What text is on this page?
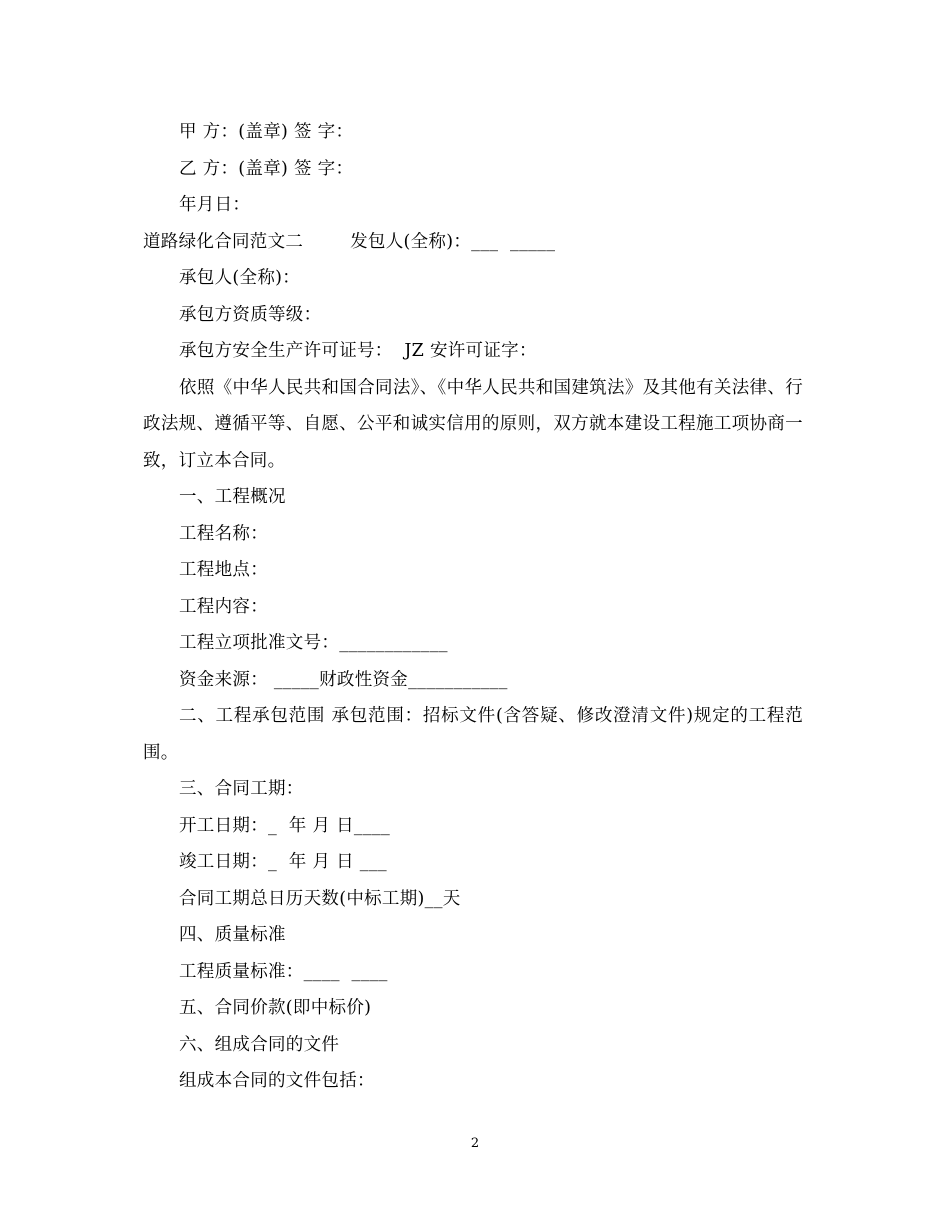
甲 方：(盖章) 签 字：
乙 方：(盖章) 签 字：
年月日：
道路绿化合同范文二        发包人(全称)：___  _____
承包人(全称)：
承包方资质等级：
承包方安全生产许可证号：  JZ 安许可证字：
依照《中华人民共和国合同法》、《中华人民共和国建筑法》及其他有关法律、行政法规、遵循平等、自愿、公平和诚实信用的原则，双方就本建设工程施工项协商一致，订立本合同。
一、工程概况
工程名称：
工程地点：
工程内容：
工程立项批准文号：____________
资金来源： _____财政性资金___________
二、工程承包范围 承包范围：招标文件(含答疑、修改澄清文件)规定的工程范围。
三、合同工期：
开工日期：_  年 月 日____
竣工日期：_  年 月 日 ___
合同工期总日历天数(中标工期)__天
四、质量标准
工程质量标准：____  ____
五、合同价款(即中标价)
六、组成合同的文件
组成本合同的文件包括：
2
